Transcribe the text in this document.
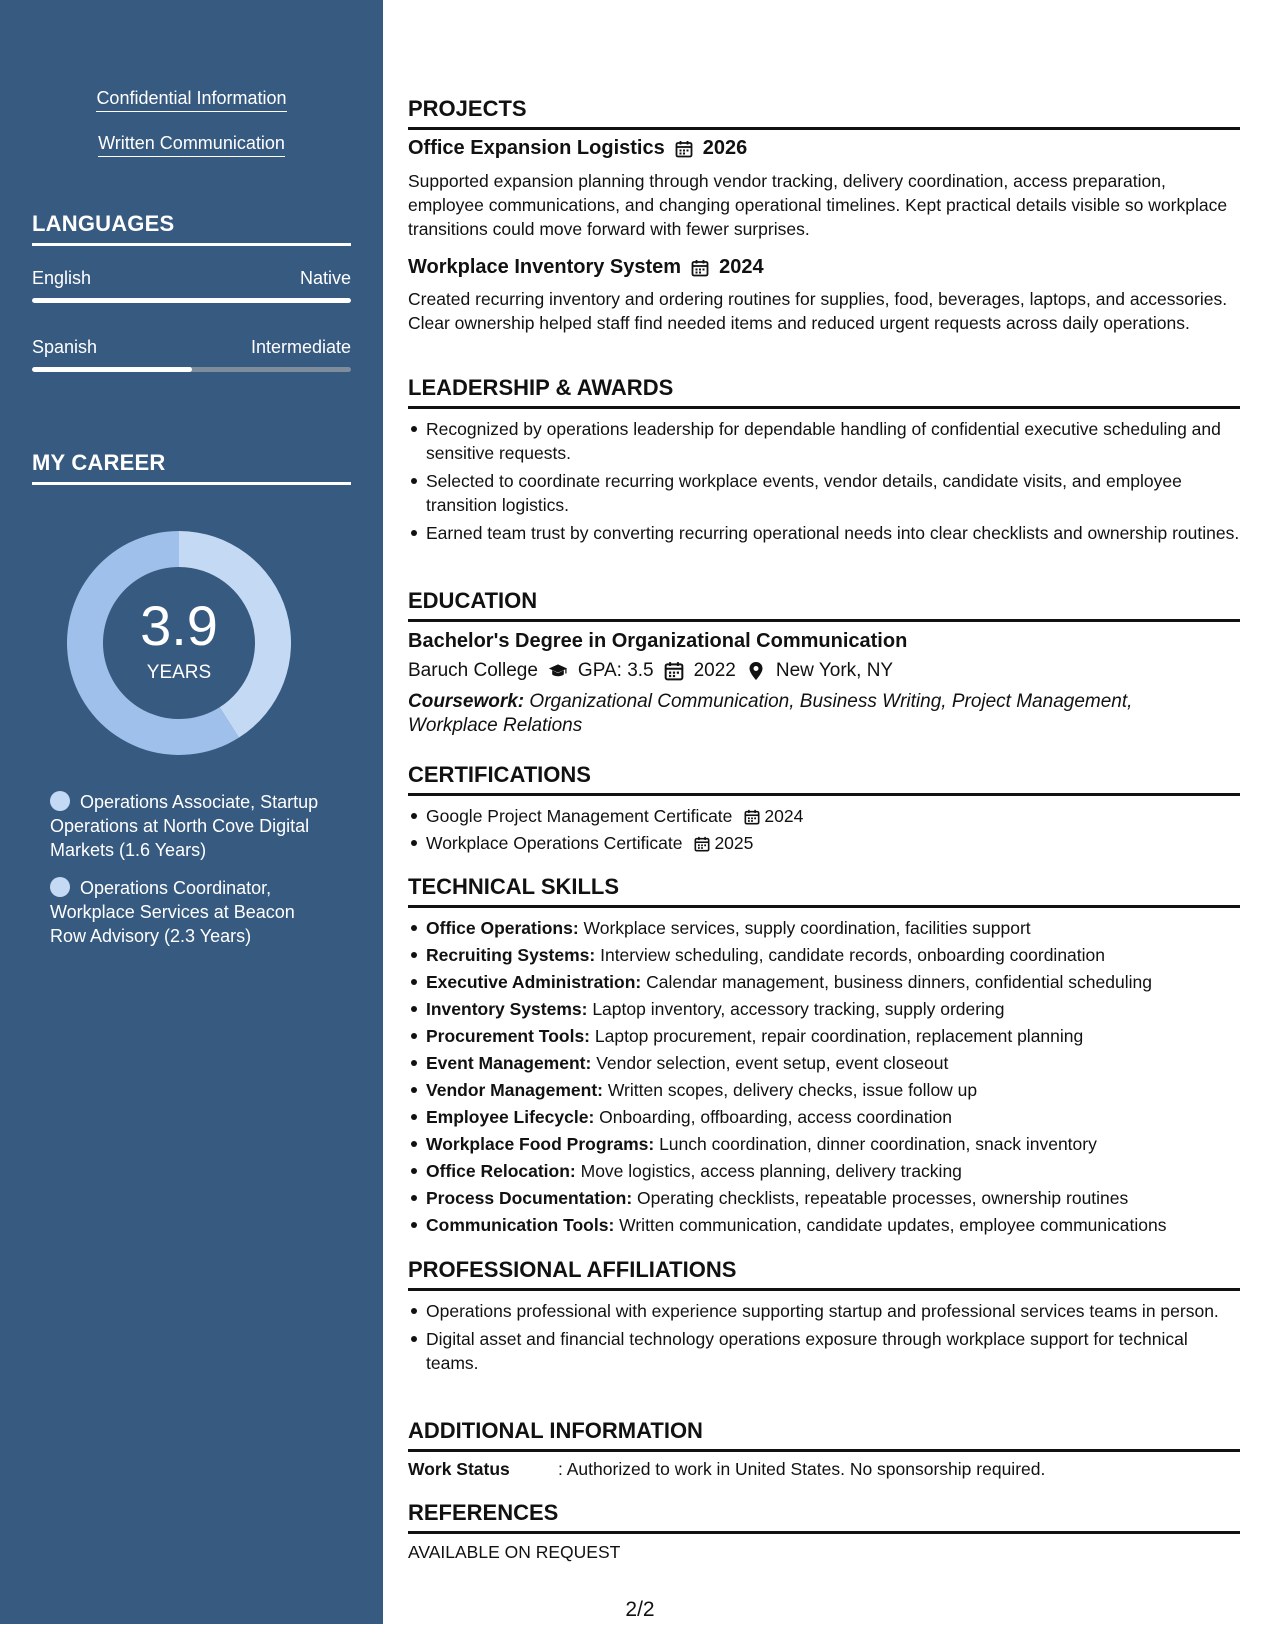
Confidential Information
Written Communication
LANGUAGES
English	Native
Spanish	Intermediate
MY CAREER
3.9
YEARS
Operations Associate, Startup Operations at North Cove Digital Markets (1.6 Years)
Operations Coordinator, Workplace Services at Beacon Row Advisory (2.3 Years)
PROJECTS
Office Expansion Logistics 2026
Supported expansion planning through vendor tracking, delivery coordination, access preparation, employee communications, and changing operational timelines. Kept practical details visible so workplace transitions could move forward with fewer surprises.
Workplace Inventory System 2024
Created recurring inventory and ordering routines for supplies, food, beverages, laptops, and accessories. Clear ownership helped staff find needed items and reduced urgent requests across daily operations.
LEADERSHIP & AWARDS
Recognized by operations leadership for dependable handling of confidential executive scheduling and sensitive requests.
Selected to coordinate recurring workplace events, vendor details, candidate visits, and employee transition logistics.
Earned team trust by converting recurring operational needs into clear checklists and ownership routines.
EDUCATION
Bachelor's Degree in Organizational Communication
Baruch College GPA: 3.5 2022 New York, NY
Coursework: Organizational Communication, Business Writing, Project Management, Workplace Relations
CERTIFICATIONS
Google Project Management Certificate 2024
Workplace Operations Certificate 2025
TECHNICAL SKILLS
Office Operations: Workplace services, supply coordination, facilities support
Recruiting Systems: Interview scheduling, candidate records, onboarding coordination
Executive Administration: Calendar management, business dinners, confidential scheduling
Inventory Systems: Laptop inventory, accessory tracking, supply ordering
Procurement Tools: Laptop procurement, repair coordination, replacement planning
Event Management: Vendor selection, event setup, event closeout
Vendor Management: Written scopes, delivery checks, issue follow up
Employee Lifecycle: Onboarding, offboarding, access coordination
Workplace Food Programs: Lunch coordination, dinner coordination, snack inventory
Office Relocation: Move logistics, access planning, delivery tracking
Process Documentation: Operating checklists, repeatable processes, ownership routines
Communication Tools: Written communication, candidate updates, employee communications
PROFESSIONAL AFFILIATIONS
Operations professional with experience supporting startup and professional services teams in person.
Digital asset and financial technology operations exposure through workplace support for technical teams.
ADDITIONAL INFORMATION
Work Status	: Authorized to work in United States. No sponsorship required.
REFERENCES
AVAILABLE ON REQUEST
2/2
